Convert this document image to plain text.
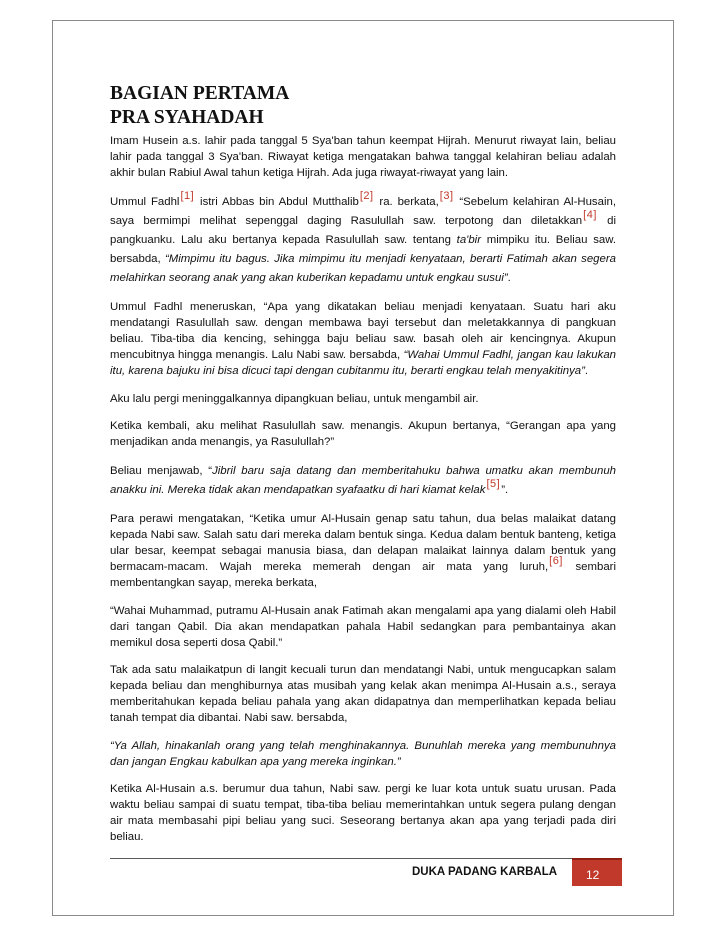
BAGIAN PERTAMA
PRA SYAHADAH

Imam Husein a.s. lahir pada tanggal 5 Sya'ban tahun keempat Hijrah. Menurut riwayat lain, beliau lahir pada tanggal 3 Sya'ban. Riwayat ketiga mengatakan bahwa tanggal kelahiran beliau adalah akhir bulan Rabiul Awal tahun ketiga Hijrah. Ada juga riwayat-riwayat yang lain.

Ummul Fadhl[1] istri Abbas bin Abdul Mutthalib[2] ra. berkata,[3] “Sebelum kelahiran Al-Husain, saya bermimpi melihat sepenggal daging Rasulullah saw. terpotong dan diletakkan[4] di pangkuanku. Lalu aku bertanya kepada Rasulullah saw. tentang ta'bir mimpiku itu. Beliau saw. bersabda, “Mimpimu itu bagus. Jika mimpimu itu menjadi kenyataan, berarti Fatimah akan segera melahirkan seorang anak yang akan kuberikan kepadamu untuk engkau susui”.

Ummul Fadhl meneruskan, “Apa yang dikatakan beliau menjadi kenyataan. Suatu hari aku mendatangi Rasulullah saw. dengan membawa bayi tersebut dan meletakkannya di pangkuan beliau. Tiba-tiba dia kencing, sehingga baju beliau saw. basah oleh air kencingnya. Akupun mencubitnya hingga menangis. Lalu Nabi saw. bersabda, “Wahai Ummul Fadhl, jangan kau lakukan itu, karena bajuku ini bisa dicuci tapi dengan cubitanmu itu, berarti engkau telah menyakitinya”.

Aku lalu pergi meninggalkannya dipangkuan beliau, untuk mengambil air.

Ketika kembali, aku melihat Rasulullah saw. menangis. Akupun bertanya, “Gerangan apa yang menjadikan anda menangis, ya Rasulullah?”

Beliau menjawab, “Jibril baru saja datang dan memberitahuku bahwa umatku akan membunuh anakku ini. Mereka tidak akan mendapatkan syafaatku di hari kiamat kelak[5]”.

Para perawi mengatakan, “Ketika umur Al-Husain genap satu tahun, dua belas malaikat datang kepada Nabi saw. Salah satu dari mereka dalam bentuk singa. Kedua dalam bentuk banteng, ketiga ular besar, keempat sebagai manusia biasa, dan delapan malaikat lainnya dalam bentuk yang bermacam-macam. Wajah mereka memerah dengan air mata yang luruh,[6] sembari membentangkan sayap, mereka berkata,

“Wahai Muhammad, putramu Al-Husain anak Fatimah akan mengalami apa yang dialami oleh Habil dari tangan Qabil. Dia akan mendapatkan pahala Habil sedangkan para pembantainya akan memikul dosa seperti dosa Qabil.”

Tak ada satu malaikatpun di langit kecuali turun dan mendatangi Nabi, untuk mengucapkan salam kepada beliau dan menghiburnya atas musibah yang kelak akan menimpa Al-Husain a.s., seraya memberitahukan kepada beliau pahala yang akan didapatnya dan memperlihatkan kepada beliau tanah tempat dia dibantai. Nabi saw. bersabda,

“Ya Allah, hinakanlah orang yang telah menghinakannya. Bunuhlah mereka yang membunuhnya dan jangan Engkau kabulkan apa yang mereka inginkan.”

Ketika Al-Husain a.s. berumur dua tahun, Nabi saw. pergi ke luar kota untuk suatu urusan. Pada waktu beliau sampai di suatu tempat, tiba-tiba beliau memerintahkan untuk segera pulang dengan air mata membasahi pipi beliau yang suci. Seseorang bertanya akan apa yang terjadi pada diri beliau.

DUKA PADANG KARBALA	12
